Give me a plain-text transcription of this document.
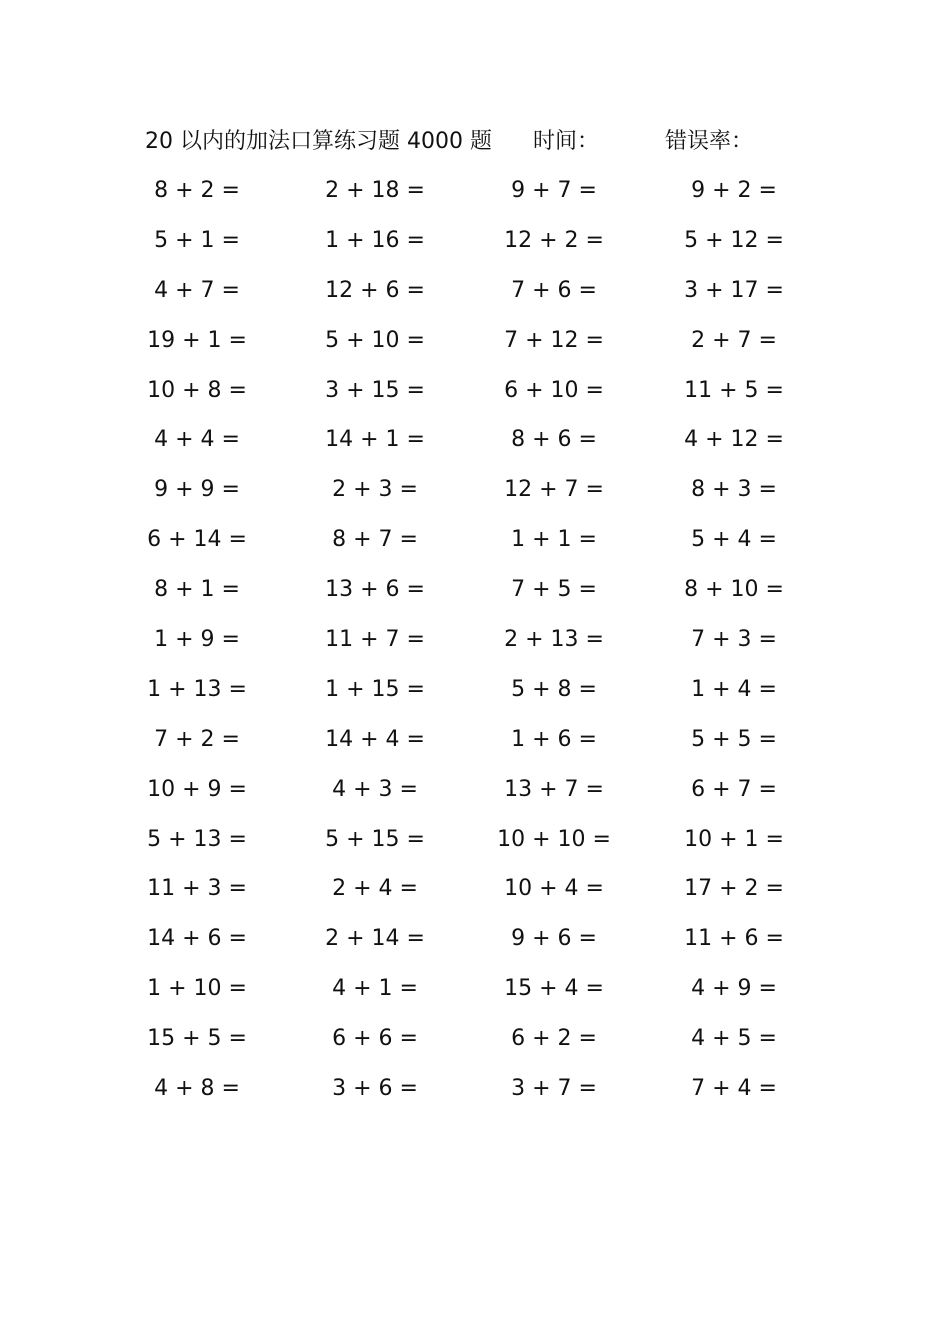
20 以内的加法口算练习题 4000 题 时间：	错误率：
8 + 2 =	2 + 18 =	9 + 7 =	9 + 2 =
5 + 1 =	1 + 16 =	12 + 2 =	5 + 12 =
4 + 7 =	12 + 6 =	7 + 6 =	3 + 17 =
19 + 1 =	5 + 10 =	7 + 12 =	2 + 7 =
10 + 8 =	3 + 15 =	6 + 10 =	11 + 5 =
4 + 4 =	14 + 1 =	8 + 6 =	4 + 12 =
9 + 9 =	2 + 3 =	12 + 7 =	8 + 3 =
6 + 14 =	8 + 7 =	1 + 1 =	5 + 4 =
8 + 1 =	13 + 6 =	7 + 5 =	8 + 10 =
1 + 9 =	11 + 7 =	2 + 13 =	7 + 3 =
1 + 13 =	1 + 15 =	5 + 8 =	1 + 4 =
7 + 2 =	14 + 4 =	1 + 6 =	5 + 5 =
10 + 9 =	4 + 3 =	13 + 7 =	6 + 7 =
5 + 13 =	5 + 15 =	10 + 10 =	10 + 1 =
11 + 3 =	2 + 4 =	10 + 4 =	17 + 2 =
14 + 6 =	2 + 14 =	9 + 6 =	11 + 6 =
1 + 10 =	4 + 1 =	15 + 4 =	4 + 9 =
15 + 5 =	6 + 6 =	6 + 2 =	4 + 5 =
4 + 8 =	3 + 6 =	3 + 7 =	7 + 4 =
